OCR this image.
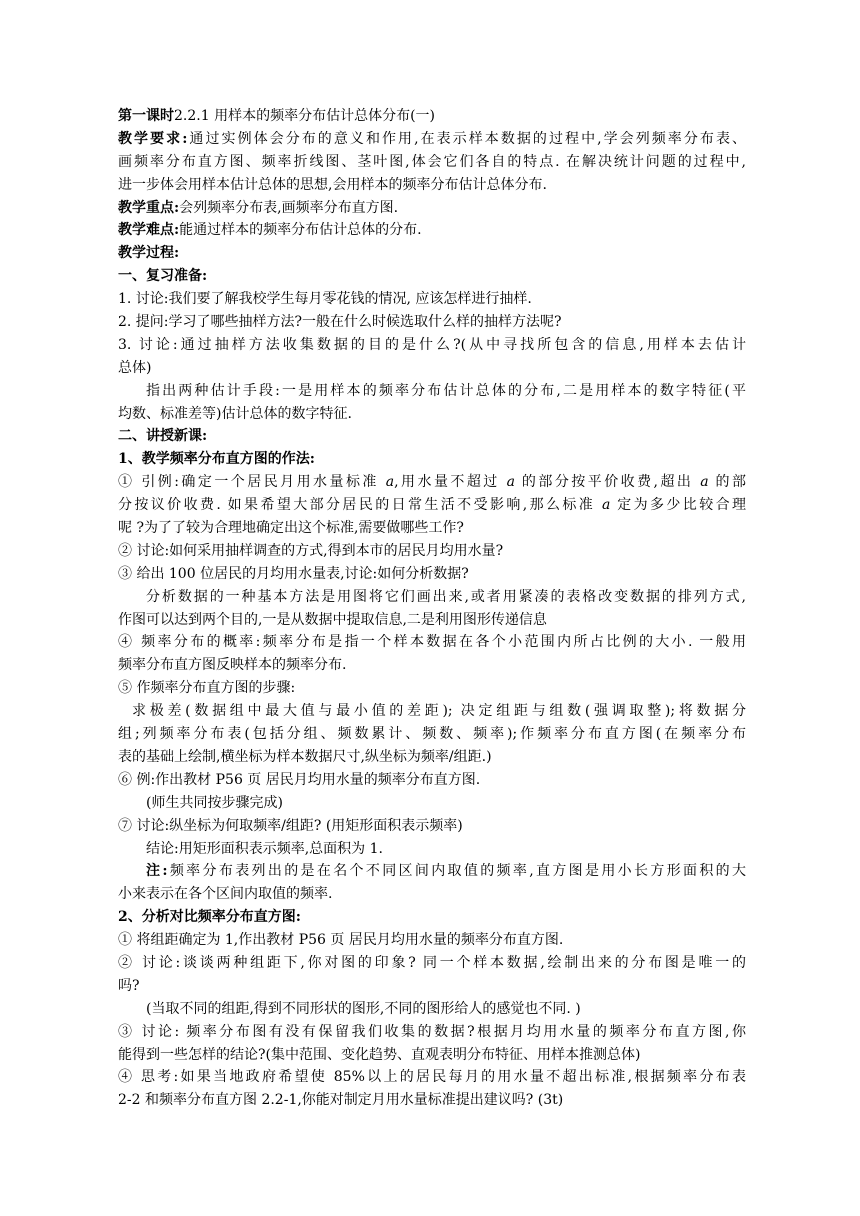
第一课时2.2.1 用样本的频率分布估计总体分布(一)
教学要求:通过实例体会分布的意义和作用,在表示样本数据的过程中,学会列频率分布表、
画频率分布直方图、频率折线图、茎叶图,体会它们各自的特点. 在解决统计问题的过程中,
进一步体会用样本估计总体的思想,会用样本的频率分布估计总体分布.
教学重点:会列频率分布表,画频率分布直方图.
教学难点:能通过样本的频率分布估计总体的分布.
教学过程:
一、复习准备:
1. 讨论:我们要了解我校学生每月零花钱的情况, 应该怎样进行抽样.
2. 提问:学习了哪些抽样方法?一般在什么时候选取什么样的抽样方法呢?
3. 讨论:通过抽样方法收集数据的目的是什么?(从中寻找所包含的信息,用样本去估计
总体)
指出两种估计手段:一是用样本的频率分布估计总体的分布,二是用样本的数字特征(平
均数、标准差等)估计总体的数字特征.
二、讲授新课:
1、教学频率分布直方图的作法:
① 引例:确定一个居民月用水量标准 a,用水量不超过 a 的部分按平价收费,超出 a 的部
分按议价收费. 如果希望大部分居民的日常生活不受影响,那么标准 a 定为多少比较合理
呢 ?为了了较为合理地确定出这个标准,需要做哪些工作?
② 讨论:如何采用抽样调查的方式,得到本市的居民月均用水量?
③ 给出 100 位居民的月均用水量表,讨论:如何分析数据?
分析数据的一种基本方法是用图将它们画出来,或者用紧凑的表格改变数据的排列方式,
作图可以达到两个目的,一是从数据中提取信息,二是利用图形传递信息
④ 频率分布的概率:频率分布是指一个样本数据在各个小范围内所占比例的大小. 一般用
频率分布直方图反映样本的频率分布.
⑤ 作频率分布直方图的步骤:
求极差(数据组中最大值与最小值的差距); 决定组距与组数(强调取整);将数据分
组;列频率分布表(包括分组、频数累计、频数、频率);作频率分布直方图(在频率分布
表的基础上绘制,横坐标为样本数据尺寸,纵坐标为频率/组距.)
⑥ 例:作出教材 P56 页 居民月均用水量的频率分布直方图.
(师生共同按步骤完成)
⑦ 讨论:纵坐标为何取频率/组距? (用矩形面积表示频率)
结论:用矩形面积表示频率,总面积为 1.
注:频率分布表列出的是在名个不同区间内取值的频率,直方图是用小长方形面积的大
小来表示在各个区间内取值的频率.
2、分析对比频率分布直方图:
① 将组距确定为 1,作出教材 P56 页 居民月均用水量的频率分布直方图.
② 讨论:谈谈两种组距下,你对图的印象? 同一个样本数据,绘制出来的分布图是唯一的
吗?
(当取不同的组距,得到不同形状的图形,不同的图形给人的感觉也不同. )
③ 讨论: 频率分布图有没有保留我们收集的数据?根据月均用水量的频率分布直方图,你
能得到一些怎样的结论?(集中范围、变化趋势、直观表明分布特征、用样本推测总体)
④ 思考:如果当地政府希望使 85%以上的居民每月的用水量不超出标准,根据频率分布表
2-2 和频率分布直方图 2.2-1,你能对制定月用水量标准提出建议吗? (3t)
